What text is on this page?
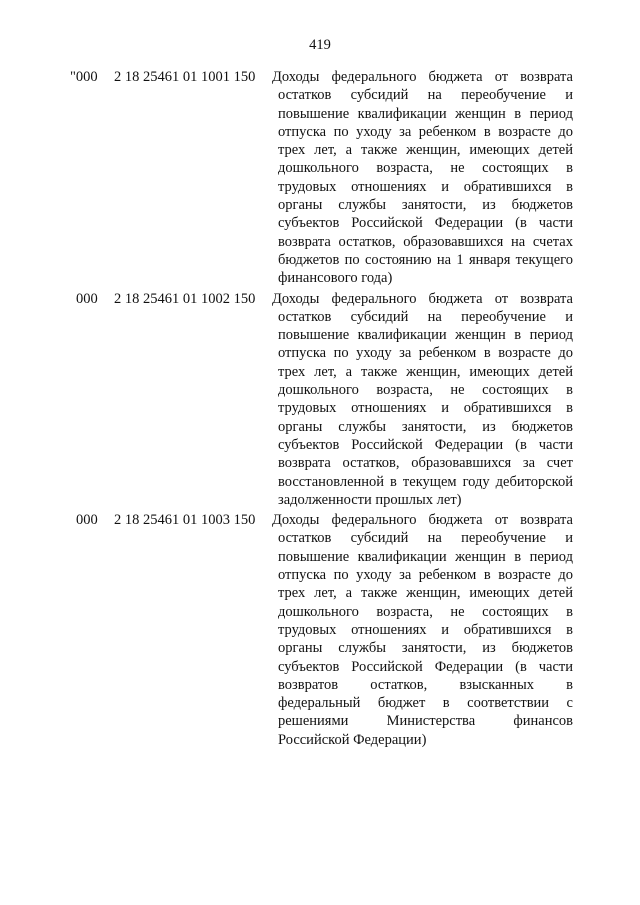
419
"000 2 18 25461 01 1001 150 Доходы федерального бюджета от возврата
остатков субсидий на переобучение и
повышение квалификации женщин в период
отпуска по уходу за ребенком в возрасте до
трех лет, а также женщин, имеющих детей
дошкольного возраста, не состоящих в
трудовых отношениях и обратившихся в
органы службы занятости, из бюджетов
субъектов Российской Федерации (в части
возврата остатков, образовавшихся на счетах
бюджетов по состоянию на 1 января текущего
финансового года)
000 2 18 25461 01 1002 150 Доходы федерального бюджета от возврата
остатков субсидий на переобучение и
повышение квалификации женщин в период
отпуска по уходу за ребенком в возрасте до
трех лет, а также женщин, имеющих детей
дошкольного возраста, не состоящих в
трудовых отношениях и обратившихся в
органы службы занятости, из бюджетов
субъектов Российской Федерации (в части
возврата остатков, образовавшихся за счет
восстановленной в текущем году дебиторской
задолженности прошлых лет)
000 2 18 25461 01 1003 150 Доходы федерального бюджета от возврата
остатков субсидий на переобучение и
повышение квалификации женщин в период
отпуска по уходу за ребенком в возрасте до
трех лет, а также женщин, имеющих детей
дошкольного возраста, не состоящих в
трудовых отношениях и обратившихся в
органы службы занятости, из бюджетов
субъектов Российской Федерации (в части
возвратов остатков, взысканных в
федеральный бюджет в соответствии с
решениями Министерства финансов
Российской Федерации)
